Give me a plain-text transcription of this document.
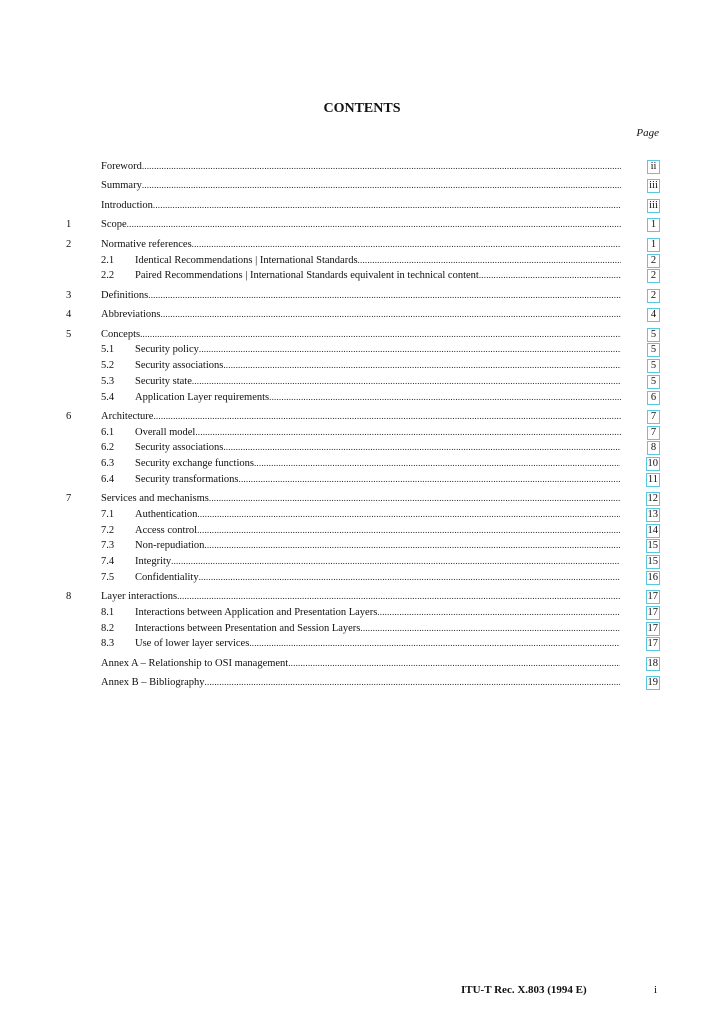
CONTENTS
Page
Foreword .....	ii
Summary .....	iii
Introduction .....	iii
1	Scope .....	1
2	Normative references .....	1
2.1	Identical Recommendations | International Standards .....	2
2.2	Paired Recommendations | International Standards equivalent in technical content .....	2
3	Definitions .....	2
4	Abbreviations .....	4
5	Concepts .....	5
5.1	Security policy .....	5
5.2	Security associations .....	5
5.3	Security state .....	5
5.4	Application Layer requirements .....	6
6	Architecture .....	7
6.1	Overall model .....	7
6.2	Security associations .....	8
6.3	Security exchange functions .....	10
6.4	Security transformations .....	11
7	Services and mechanisms .....	12
7.1	Authentication .....	13
7.2	Access control .....	14
7.3	Non-repudiation .....	15
7.4	Integrity .....	15
7.5	Confidentiality .....	16
8	Layer interactions .....	17
8.1	Interactions between Application and Presentation Layers .....	17
8.2	Interactions between Presentation and Session Layers .....	17
8.3	Use of lower layer services .....	17
Annex A – Relationship to OSI management .....	18
Annex B – Bibliography .....	19
ITU-T Rec. X.803 (1994 E)	i
